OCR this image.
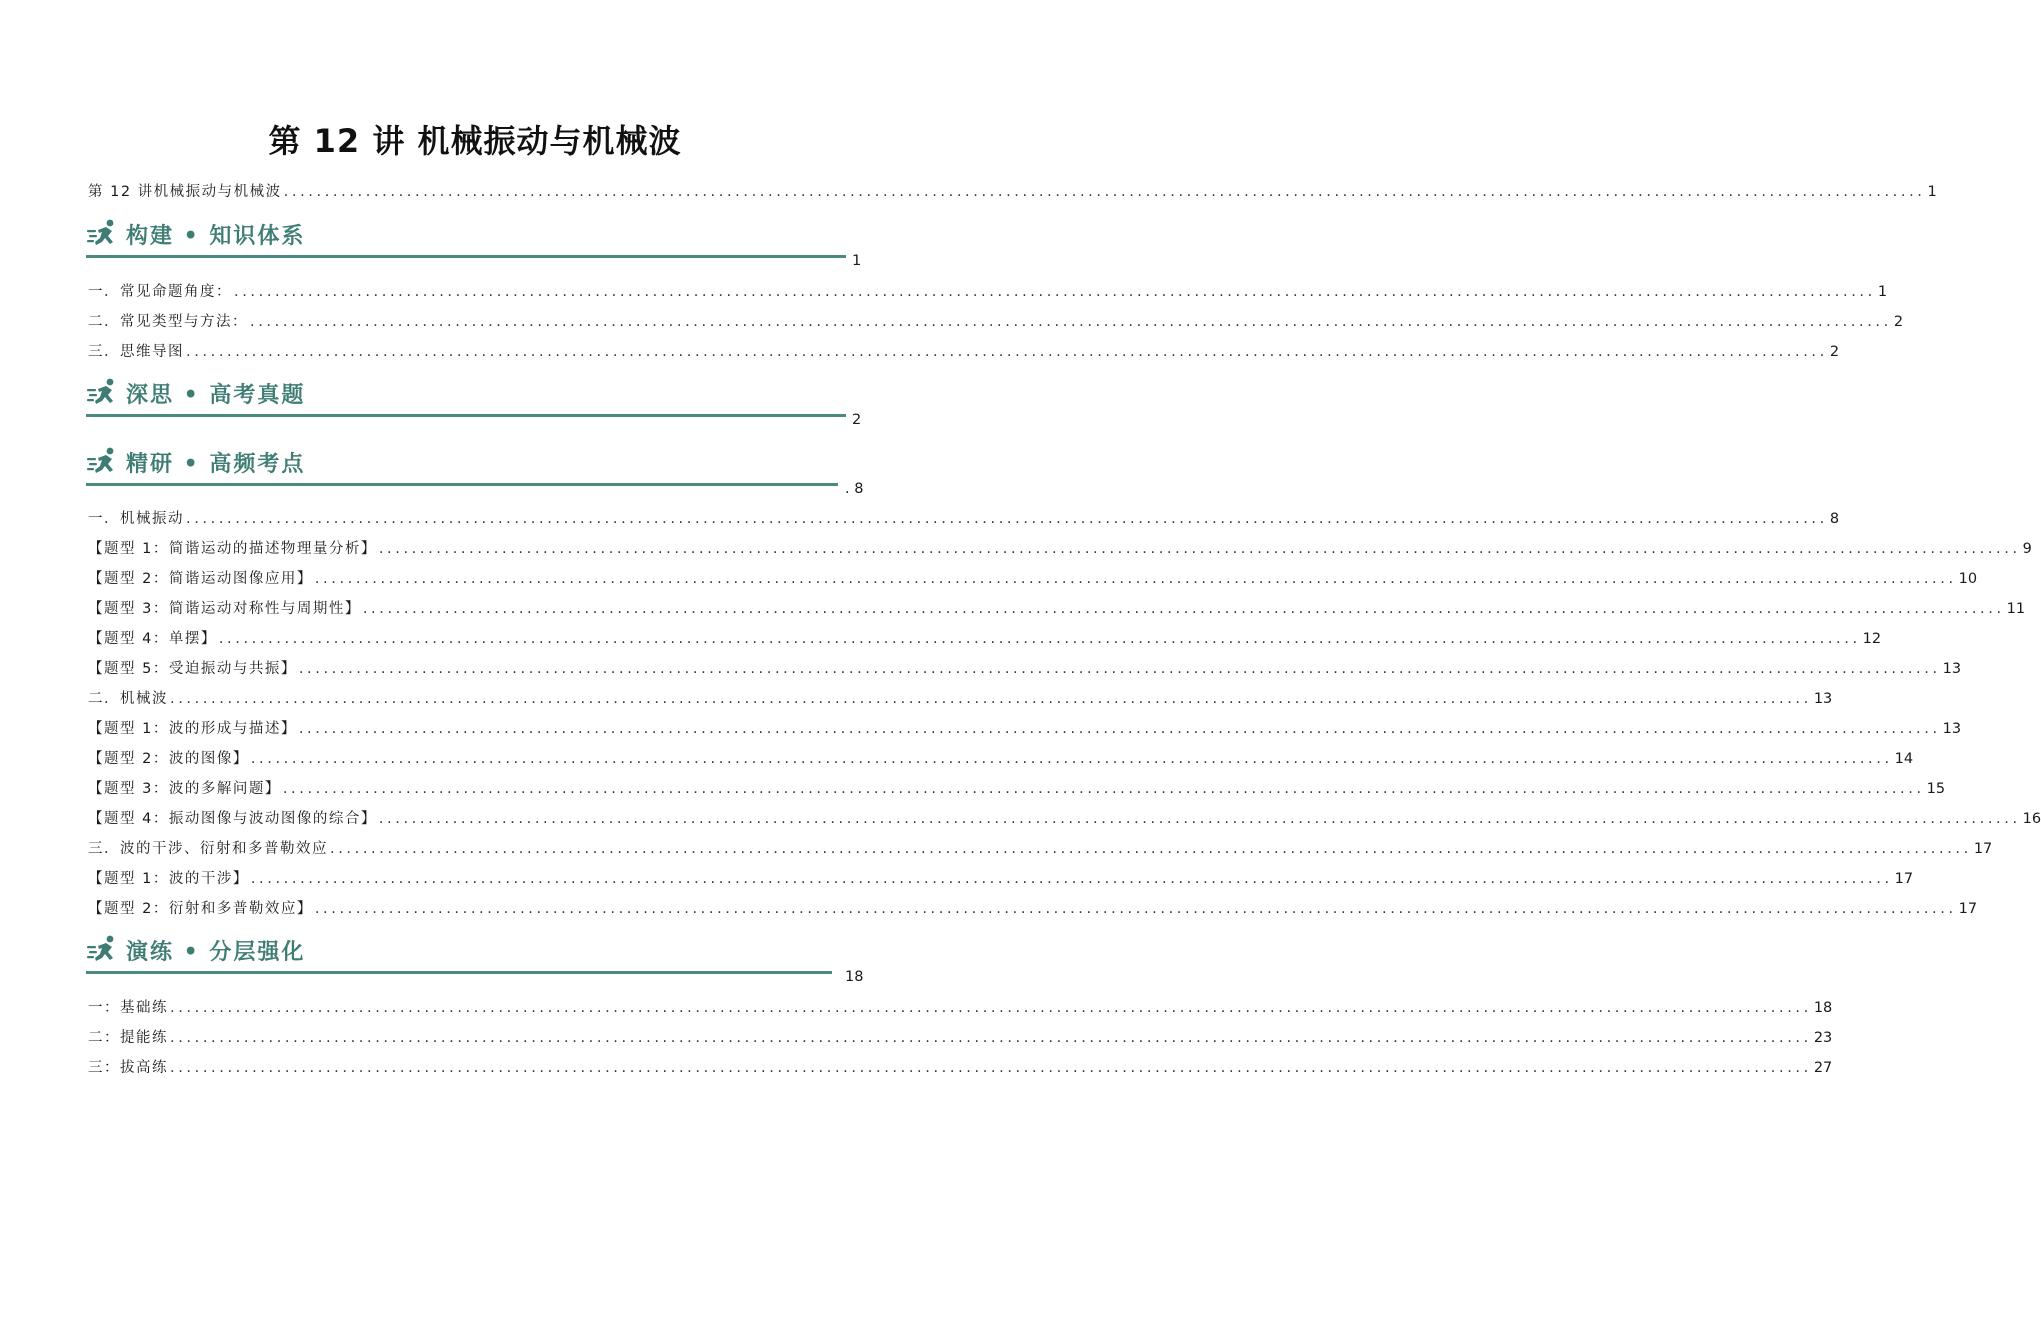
第 12 讲 机械振动与机械波
第 12 讲机械振动与机械波 ........................................................................................................................................................................................................ 1
构建 • 知识体系
1
一．常见命题角度： ........................................................................................................................................................................................................ 1
二．常见类型与方法： ........................................................................................................................................................................................................ 2
三．思维导图 ........................................................................................................................................................................................................ 2
深思 • 高考真题
2
精研 • 高频考点
. 8
一．机械振动 ........................................................................................................................................................................................................ 8
【题型 1：简谐运动的描述物理量分析】 ........................................................................................................................................................................................................ 9
【题型 2：简谐运动图像应用】 ........................................................................................................................................................................................................ 10
【题型 3：简谐运动对称性与周期性】 ........................................................................................................................................................................................................ 11
【题型 4：单摆】 ........................................................................................................................................................................................................ 12
【题型 5：受迫振动与共振】 ........................................................................................................................................................................................................ 13
二．机械波 ........................................................................................................................................................................................................ 13
【题型 1：波的形成与描述】 ........................................................................................................................................................................................................ 13
【题型 2：波的图像】 ........................................................................................................................................................................................................ 14
【题型 3：波的多解问题】 ........................................................................................................................................................................................................ 15
【题型 4：振动图像与波动图像的综合】 ........................................................................................................................................................................................................ 16
三．波的干涉、衍射和多普勒效应 ........................................................................................................................................................................................................ 17
【题型 1：波的干涉】 ........................................................................................................................................................................................................ 17
【题型 2：衍射和多普勒效应】 ........................................................................................................................................................................................................ 17
演练 • 分层强化
18
一：基础练 ........................................................................................................................................................................................................ 18
二：提能练 ........................................................................................................................................................................................................ 23
三：拔高练 ........................................................................................................................................................................................................ 27
